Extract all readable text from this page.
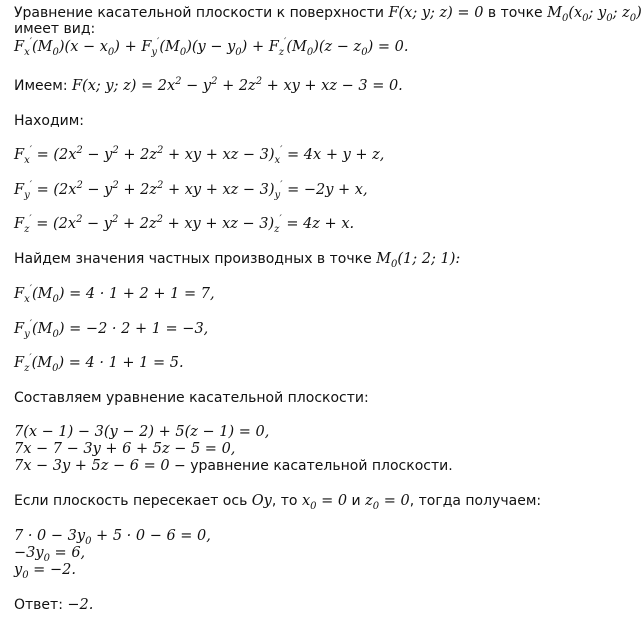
Уравнение касательной плоскости к поверхности F(x; y; z) = 0 в точке $M_0(x_0$; $y_0$; $z_0$)
имеет вид:
$F_x'(M_0)(x - x_0) + F_y'(M_0)(y - y_0) + F_z'(M_0)(z - z_0) = 0$.
Имеем: F(x; y; $z) = 2x^2 - y^2 + 2z^2$ + xy + xz − 3 = 0.
Находим:
$F_x' = (2x^2 - y^2 + 2z^2$ + xy + xz − $3)_x' = 4x + y + z$,
$F_y' = (2x^2 - y^2 + 2z^2$ + xy + xz − $3)_y' = -2y + x$,
$F_z' = (2x^2 - y^2 + 2z^2$ + xy + xz − $3)_z' = 4z + x$.
Найдем значения частных производных в точке $M_0(1$; 2; 1):
$F_x'(M_0) = 4 \cdot 1 + 2 + 1 = 7$,
$F_y'(M_0) = -2 \cdot 2 + 1 = -3$,
$F_z'(M_0) = 4 \cdot 1 + 1 = 5$.
Составляем уравнение касательной плоскости:
7(x − 1) − 3(y − 2) + 5(z − 1) = 0,
7x − 7 − 3y + 6 + 5z − 5 = 0,
7x − 3y + 5z − 6 = 0 − уравнение касательной плоскости.
Если плоскость пересекает ось Oy, то $x_0 = 0$ и $z_0 = 0$, тогда получаем:
$7 \cdot 0 - 3y_0 + 5 \cdot 0 - 6 = 0$,
$-3y_0 = 6$,
$y_0 = -2$.
Ответ: −2.
